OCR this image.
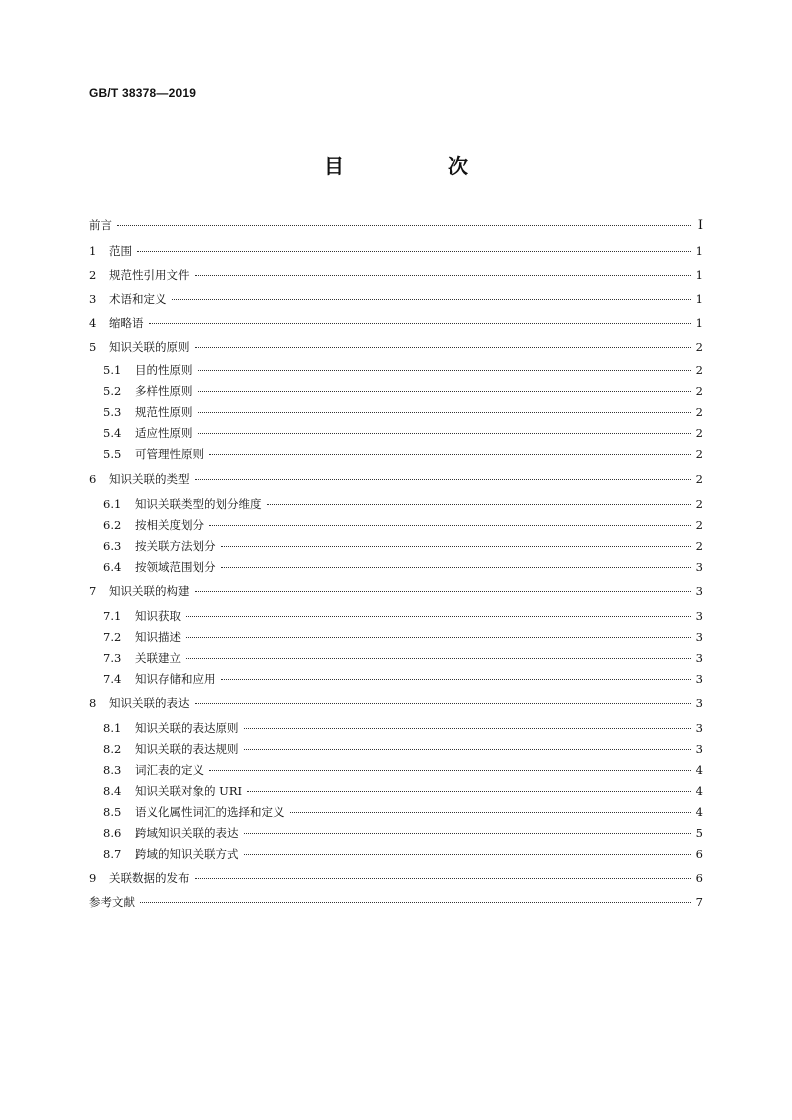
GB/T 38378—2019
目　次
前言	Ⅰ
1	范围	1
2	规范性引用文件	1
3	术语和定义	1
4	缩略语	1
5	知识关联的原则	2
5.1	目的性原则	2
5.2	多样性原则	2
5.3	规范性原则	2
5.4	适应性原则	2
5.5	可管理性原则	2
6	知识关联的类型	2
6.1	知识关联类型的划分维度	2
6.2	按相关度划分	2
6.3	按关联方法划分	2
6.4	按领域范围划分	3
7	知识关联的构建	3
7.1	知识获取	3
7.2	知识描述	3
7.3	关联建立	3
7.4	知识存储和应用	3
8	知识关联的表达	3
8.1	知识关联的表达原则	3
8.2	知识关联的表达规则	3
8.3	词汇表的定义	4
8.4	知识关联对象的 URI	4
8.5	语义化属性词汇的选择和定义	4
8.6	跨域知识关联的表达	5
8.7	跨域的知识关联方式	6
9	关联数据的发布	6
参考文献	7
